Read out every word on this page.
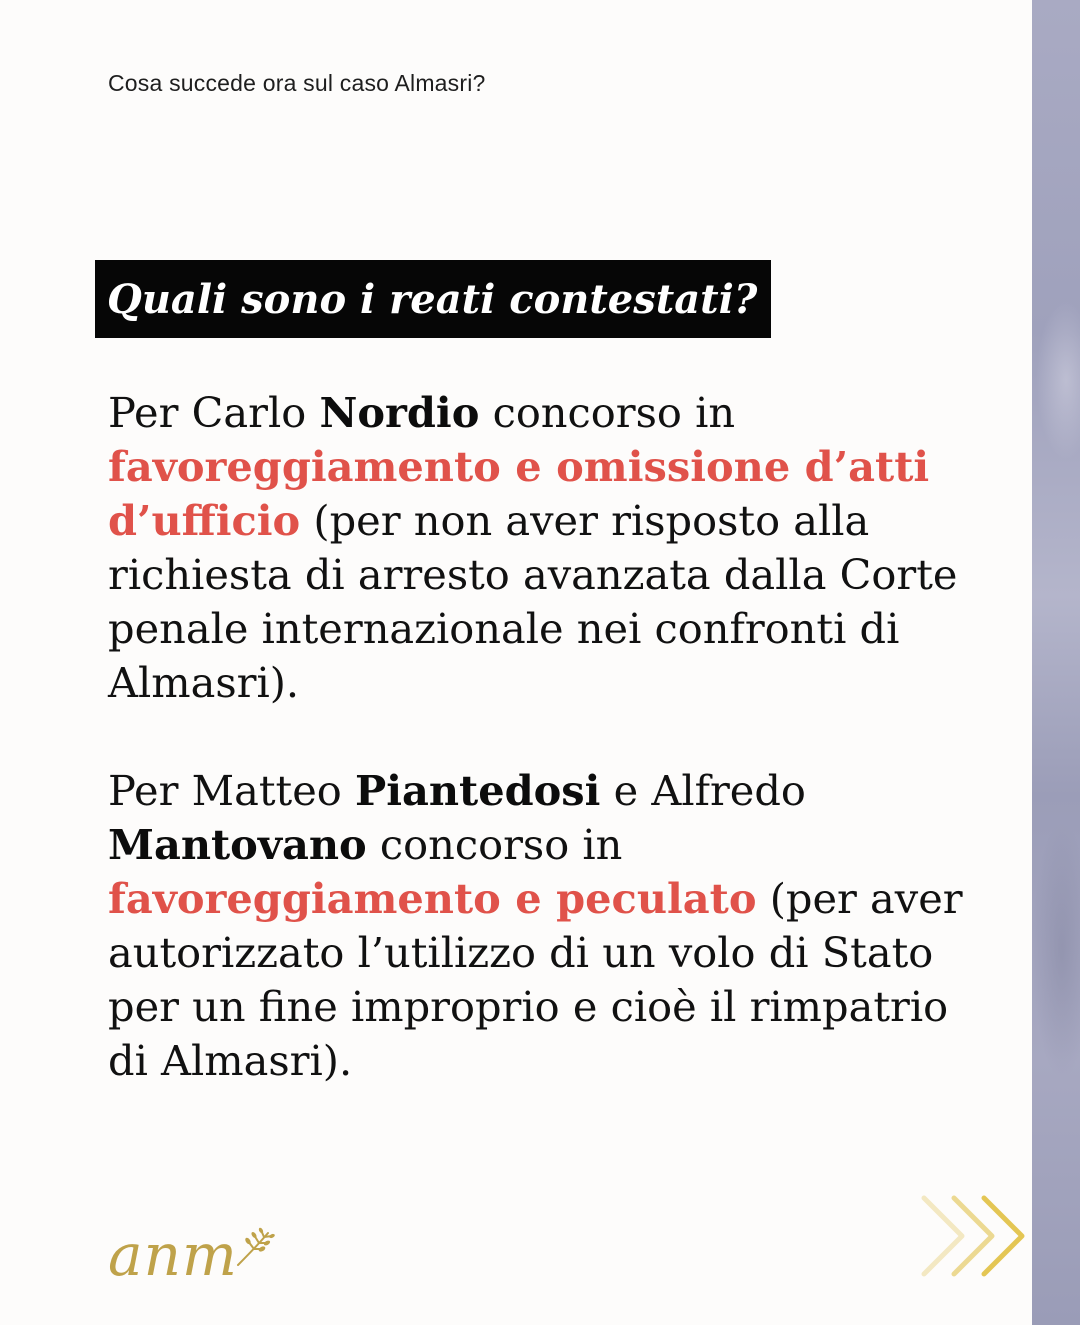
Cosa succede ora sul caso Almasri?
Quali sono i reati contestati?

Per Carlo Nordio concorso in favoreggiamento e omissione d’atti d’ufficio (per non aver risposto alla richiesta di arresto avanzata dalla Corte penale internazionale nei confronti di Almasri).

Per Matteo Piantedosi e Alfredo Mantovano concorso in favoreggiamento e peculato (per aver autorizzato l’utilizzo di un volo di Stato per un fine improprio e cioè il rimpatrio di Almasri).

anm
